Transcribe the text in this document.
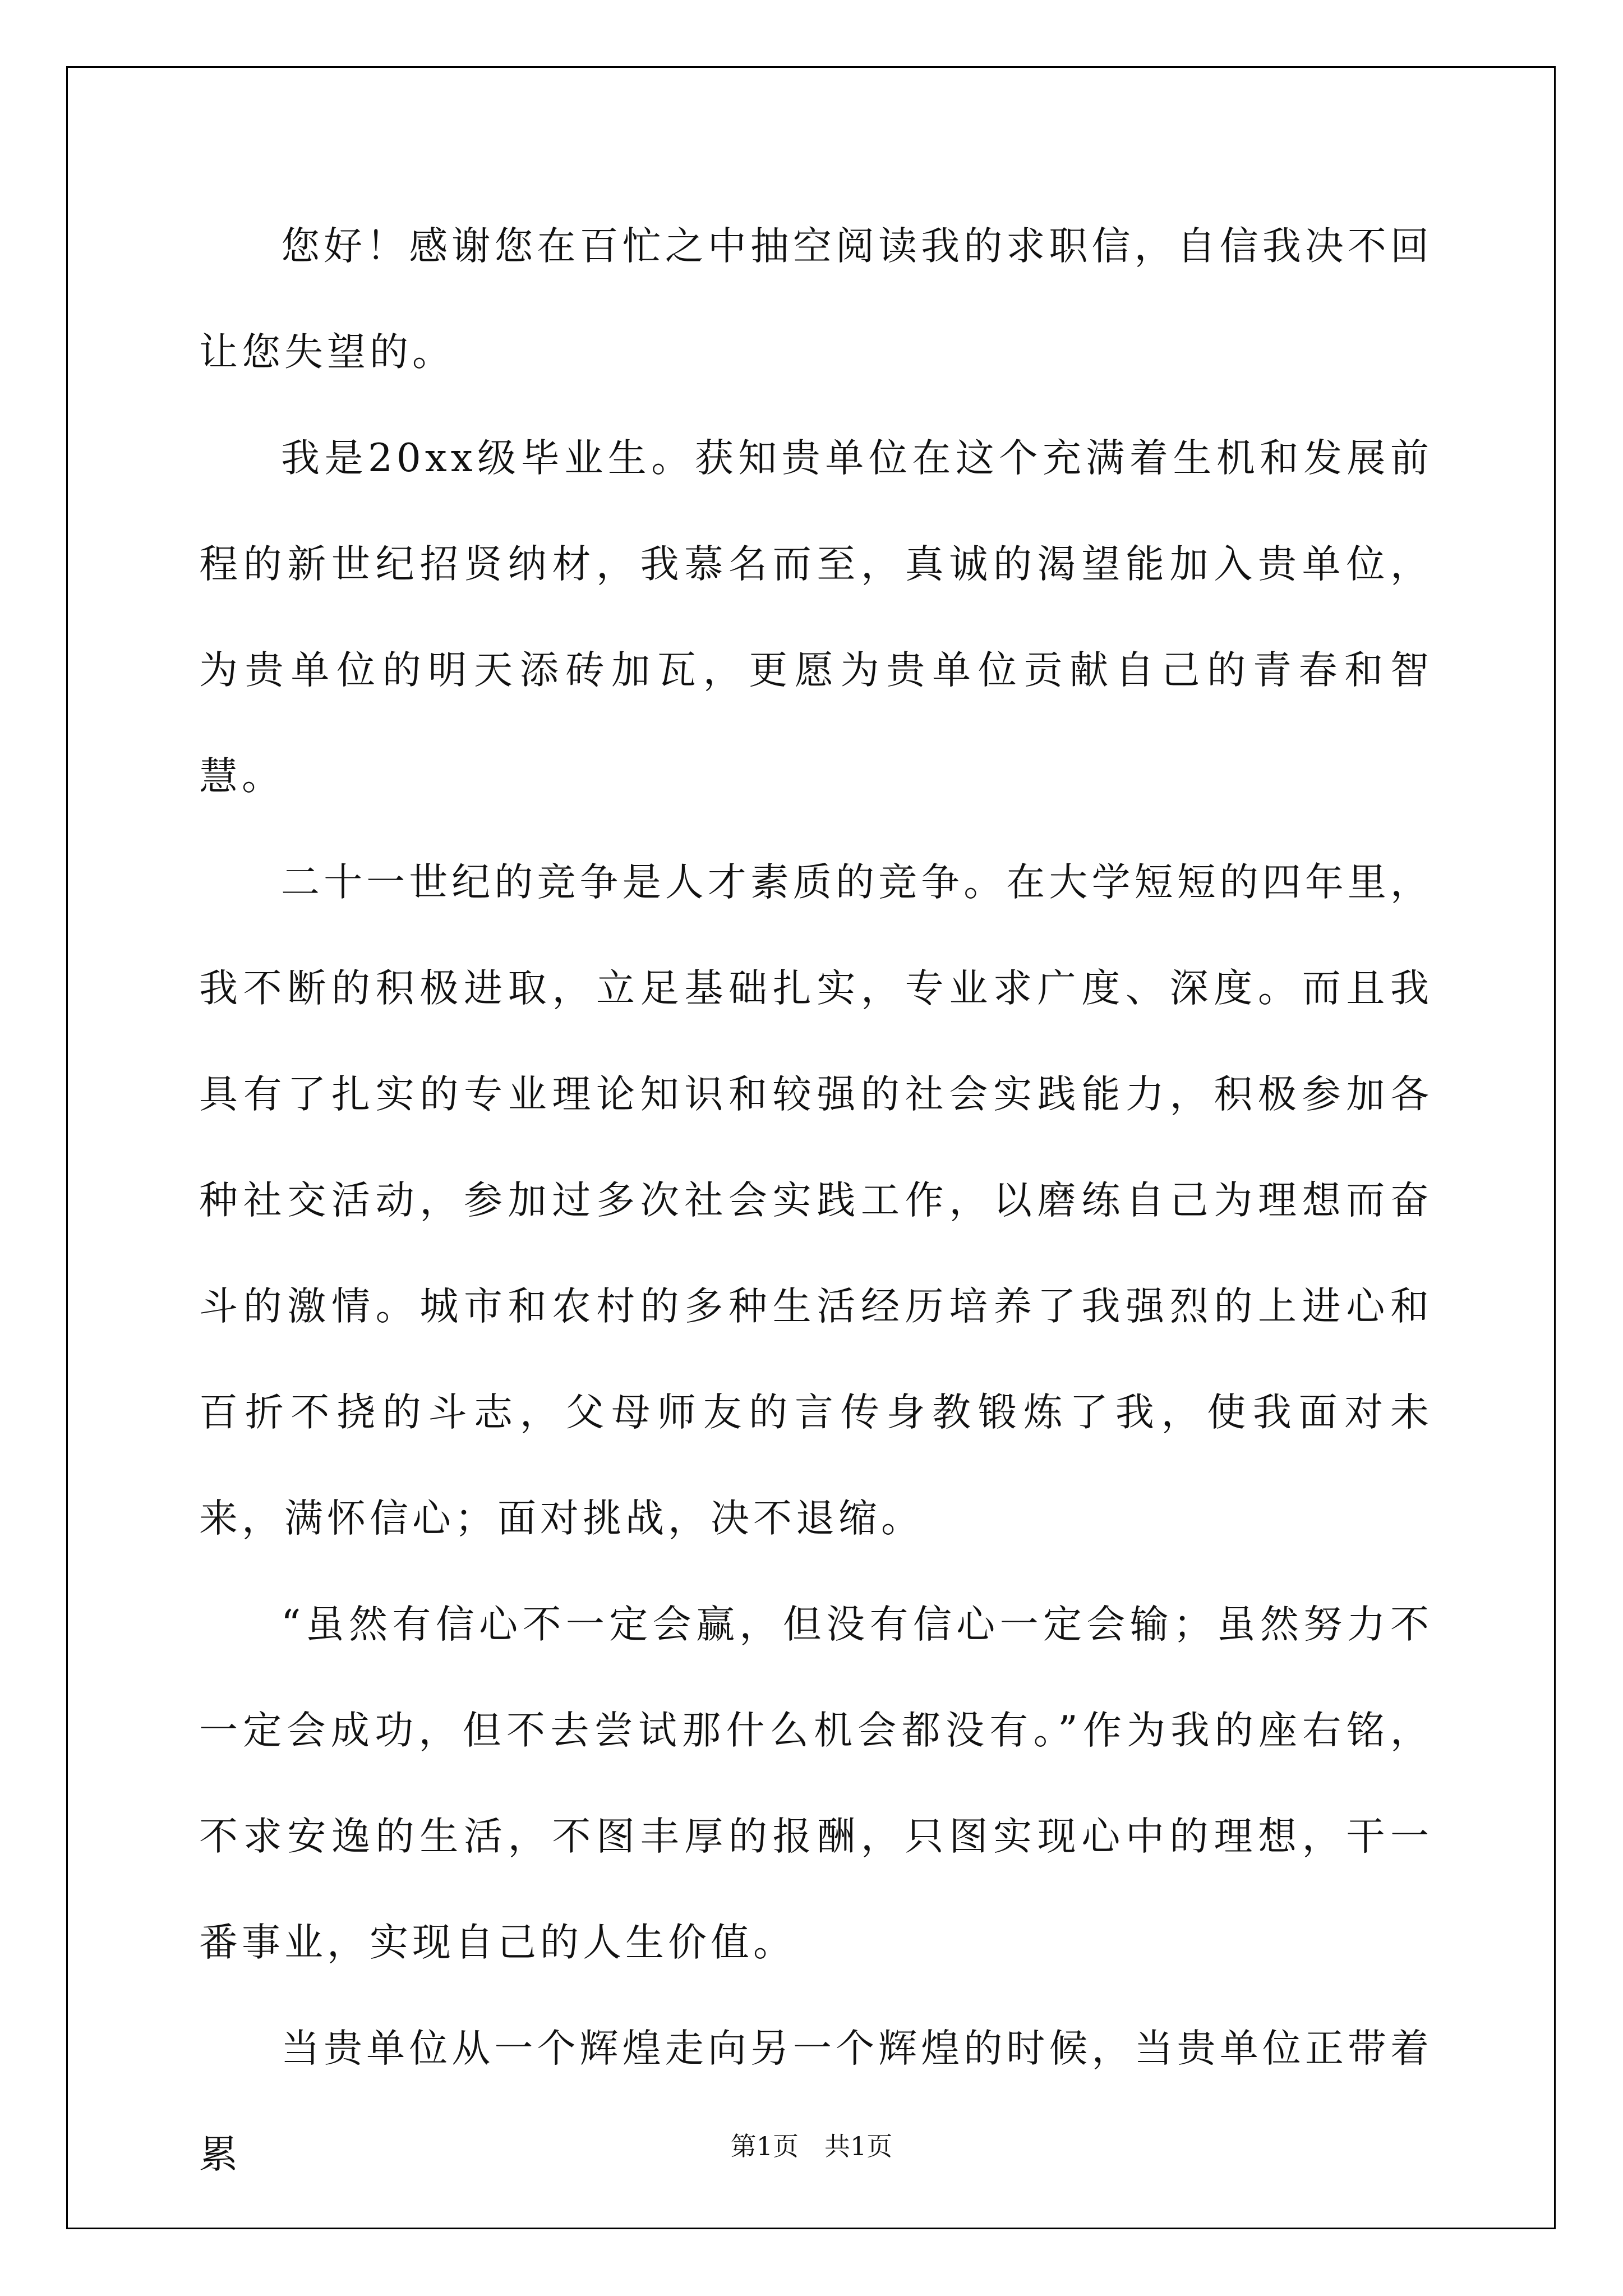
您好！感谢您在百忙之中抽空阅读我的求职信，自信我决不回让您失望的。

我是20xx级毕业生。获知贵单位在这个充满着生机和发展前程的新世纪招贤纳材，我慕名而至，真诚的渴望能加入贵单位，为贵单位的明天添砖加瓦，更愿为贵单位贡献自己的青春和智慧。

二十一世纪的竞争是人才素质的竞争。在大学短短的四年里，我不断的积极进取，立足基础扎实，专业求广度、深度。而且我具有了扎实的专业理论知识和较强的社会实践能力，积极参加各种社交活动，参加过多次社会实践工作，以磨练自己为理想而奋斗的激情。城市和农村的多种生活经历培养了我强烈的上进心和百折不挠的斗志，父母师友的言传身教锻炼了我，使我面对未来，满怀信心；面对挑战，决不退缩。

“虽然有信心不一定会赢，但没有信心一定会输；虽然努力不一定会成功，但不去尝试那什么机会都没有。”作为我的座右铭，不求安逸的生活，不图丰厚的报酬，只图实现心中的理想，干一番事业，实现自己的人生价值。

当贵单位从一个辉煌走向另一个辉煌的时候，当贵单位正带着累	第1页 共1页
